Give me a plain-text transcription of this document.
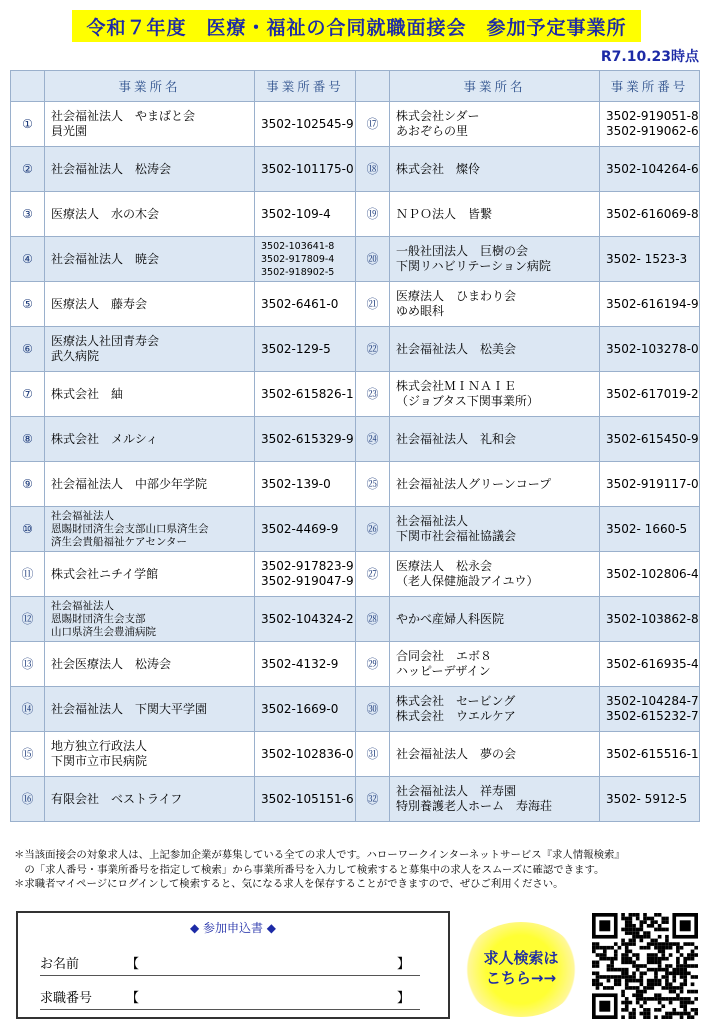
令和７年度　医療・福祉の合同就職面接会　参加予定事業所
R7.10.23時点
	事業所名	事業所番号		事業所名	事業所番号
①	社会福祉法人　やまばと会
員光園	3502-102545-9	⑰	株式会社シダー
あおぞらの里	3502-919051-8
3502-919062-6

②	社会福祉法人　松涛会	3502-101175-0	⑱	株式会社　燦伶	3502-104264-6

③	医療法人　水の木会	3502-109-4	⑲	ＮＰＯ法人　皆繋	3502-616069-8

④	社会福祉法人　暁会	3502-103641-8
3502-917809-4
3502-918902-5	⑳	一般社団法人　巨樹の会
下関リハビリテーション病院	3502- 1523-3

⑤	医療法人　藤寿会	3502-6461-0	㉑	医療法人　ひまわり会
ゆめ眼科	3502-616194-9

⑥	医療法人社団青寿会
武久病院	3502-129-5	㉒	社会福祉法人　松美会	3502-103278-0

⑦	株式会社　紬	3502-615826-1	㉓	株式会社ＭＩＮＡＩＥ
（ジョブタス下関事業所）	3502-617019-2

⑧	株式会社　メルシィ	3502-615329-9	㉔	社会福祉法人　礼和会	3502-615450-9

⑨	社会福祉法人　中部少年学院	3502-139-0	㉕	社会福祉法人グリーンコープ	3502-919117-0

⑩	社会福祉法人
恩賜財団済生会支部山口県済生会
済生会貴船福祉ケアセンター	3502-4469-9	㉖	社会福祉法人
下関市社会福祉協議会	3502- 1660-5

⑪	株式会社ニチイ学館	3502-917823-9
3502-919047-9	㉗	医療法人　松永会
（老人保健施設アイユウ）	3502-102806-4

⑫	社会福祉法人
恩賜財団済生会支部
山口県済生会豊浦病院	3502-104324-2	㉘	やかべ産婦人科医院	3502-103862-8

⑬	社会医療法人　松涛会	3502-4132-9	㉙	合同会社　エボ８
ハッピーデザイン	3502-616935-4

⑭	社会福祉法人　下関大平学園	3502-1669-0	㉚	株式会社　セービング
株式会社　ウエルケア	3502-104284-7
3502-615232-7

⑮	地方独立行政法人
下関市立市民病院	3502-102836-0	㉛	社会福祉法人　夢の会	3502-615516-1

⑯	有限会社　ベストライフ	3502-105151-6	㉜	社会福祉法人　祥寿園
特別養護老人ホーム　寿海荘	3502- 5912-5
＊当該面接会の対象求人は、上記参加企業が募集している全ての求人です。ハローワークインターネットサービス『求人情報検索』
　の「求人番号・事業所番号を指定して検索」から事業所番号を入力して検索すると募集中の求人をスムーズに確認できます。
＊求職者マイページにログインして検索すると、気になる求人を保存することができますので、ぜひご利用ください。
◆ 参加申込書 ◆
お名前	【	】
求職番号	【	】
求人検索は
こちら→→
